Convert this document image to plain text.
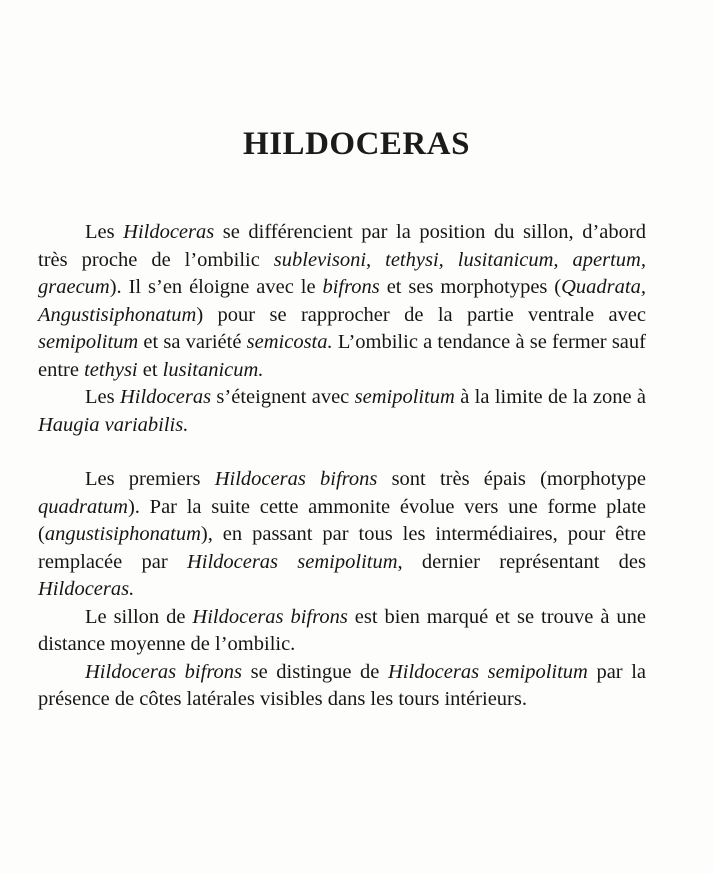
HILDOCERAS

Les Hildoceras se différencient par la position du sillon, d’abord très proche de l’ombilic sublevisoni, tethysi, lusitanicum, apertum, graecum). Il s’en éloigne avec le bifrons et ses morphotypes (Quadrata, Angustisiphonatum) pour se rapprocher de la partie ventrale avec semipolitum et sa variété semicosta. L’ombilic a tendance à se fermer sauf entre tethysi et lusitanicum.

Les Hildoceras s’éteignent avec semipolitum à la limite de la zone à Haugia variabilis.

Les premiers Hildoceras bifrons sont très épais (morphotype quadratum). Par la suite cette ammonite évolue vers une forme plate (angustisiphonatum), en passant par tous les intermédiaires, pour être remplacée par Hildoceras semipolitum, dernier représentant des Hildoceras.

Le sillon de Hildoceras bifrons est bien marqué et se trouve à une distance moyenne de l’ombilic.

Hildoceras bifrons se distingue de Hildoceras semipolitum par la présence de côtes latérales visibles dans les tours intérieurs.
